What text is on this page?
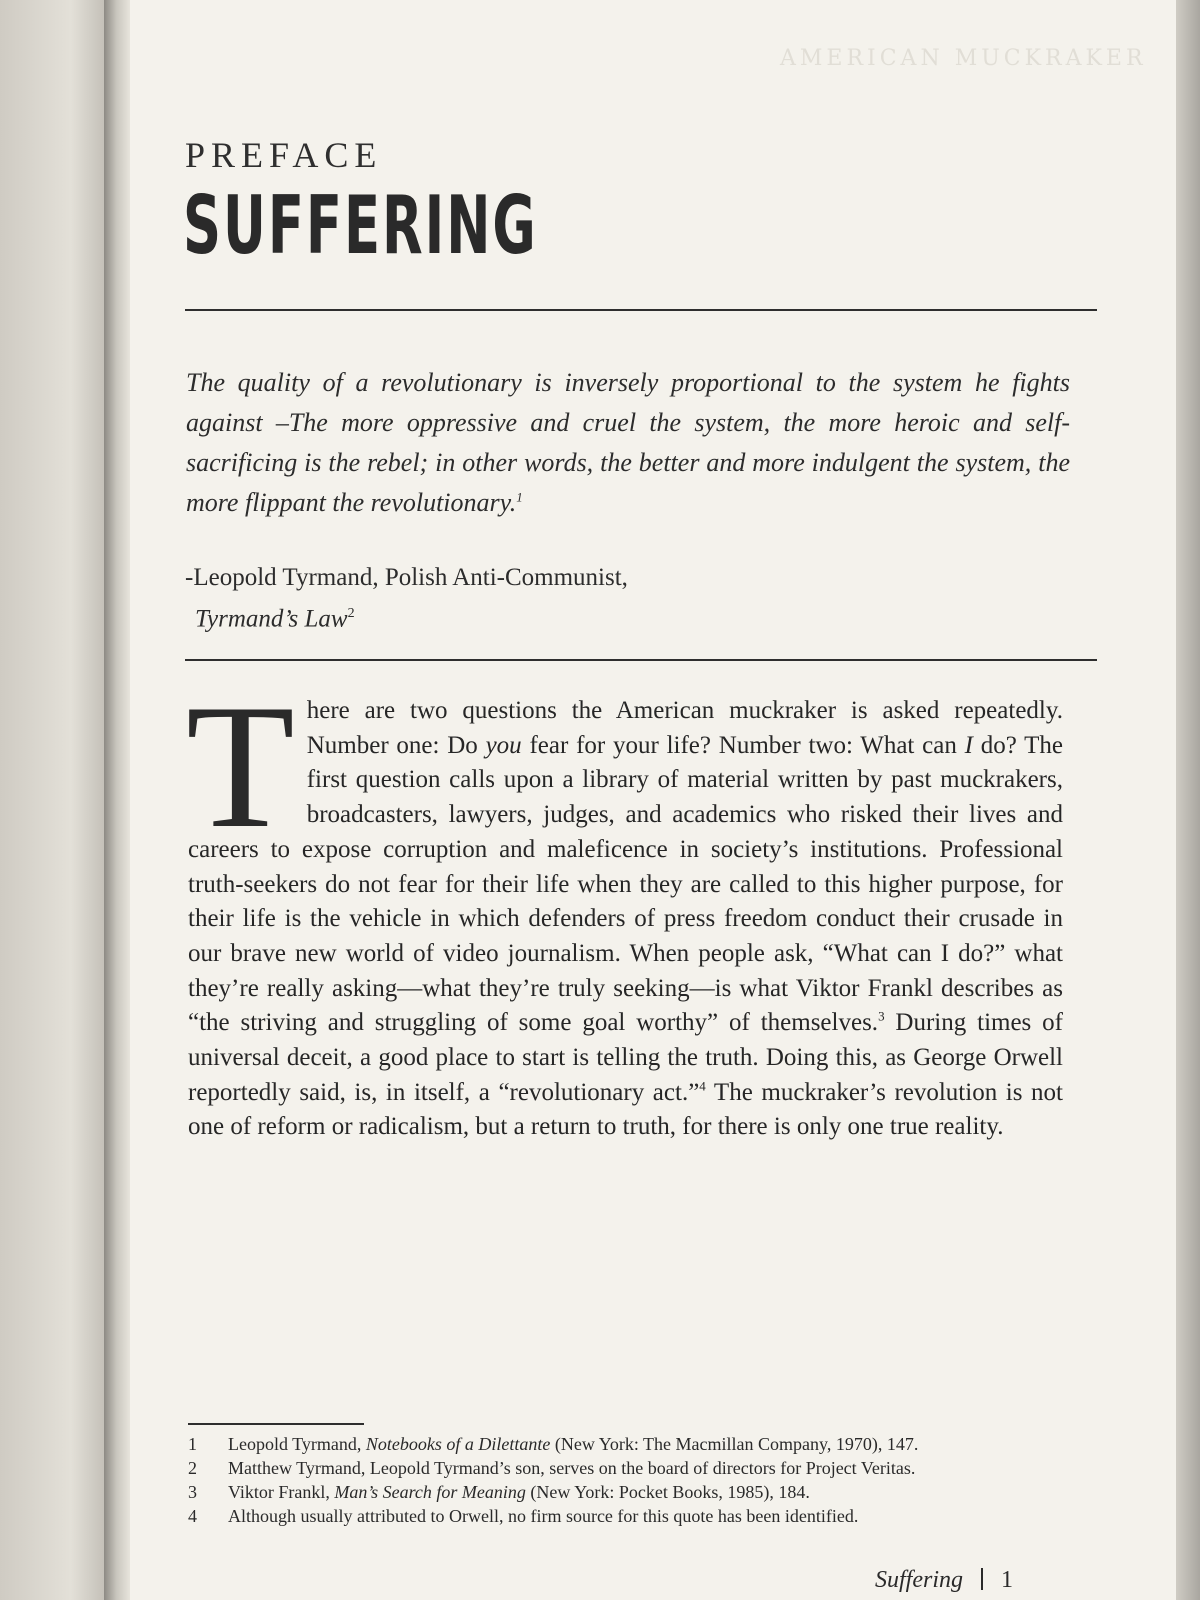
AMERICAN MUCKRAKER
PREFACE
SUFFERING
The quality of a revolutionary is inversely proportional to the system he fights against –The more oppressive and cruel the system, the more heroic and self-sacrificing is the rebel; in other words, the better and more indulgent the system, the more flippant the revolutionary.$^1$
-Leopold Tyrmand, Polish Anti-Communist,
Tyrmand’s Law$^2$
There are two questions the American muckraker is asked repeatedly. Number one: Do you fear for your life? Number two: What can I do? The first question calls upon a library of material written by past muckrakers, broadcasters, lawyers, judges, and academics who risked their lives and careers to expose corruption and maleficence in society’s institutions. Professional truth-seekers do not fear for their life when they are called to this higher purpose, for their life is the vehicle in which defenders of press freedom conduct their crusade in our brave new world of video journalism. When people ask, “What can I do?” what they’re really asking—what they’re truly seeking—is what Viktor Frankl describes as “the striving and struggling of some goal worthy” of themselves.$^3$ During times of universal deceit, a good place to start is telling the truth. Doing this, as George Orwell reportedly said, is, in itself, a “revolutionary act.”$^4$ The muckraker’s revolution is not one of reform or radicalism, but a return to truth, for there is only one true reality.
1	Leopold Tyrmand, Notebooks of a Dilettante (New York: The Macmillan Company, 1970), 147.
2	Matthew Tyrmand, Leopold Tyrmand’s son, serves on the board of directors for Project Veritas.
3	Viktor Frankl, Man’s Search for Meaning (New York: Pocket Books, 1985), 184.
4	Although usually attributed to Orwell, no firm source for this quote has been identified.
Suffering 1
